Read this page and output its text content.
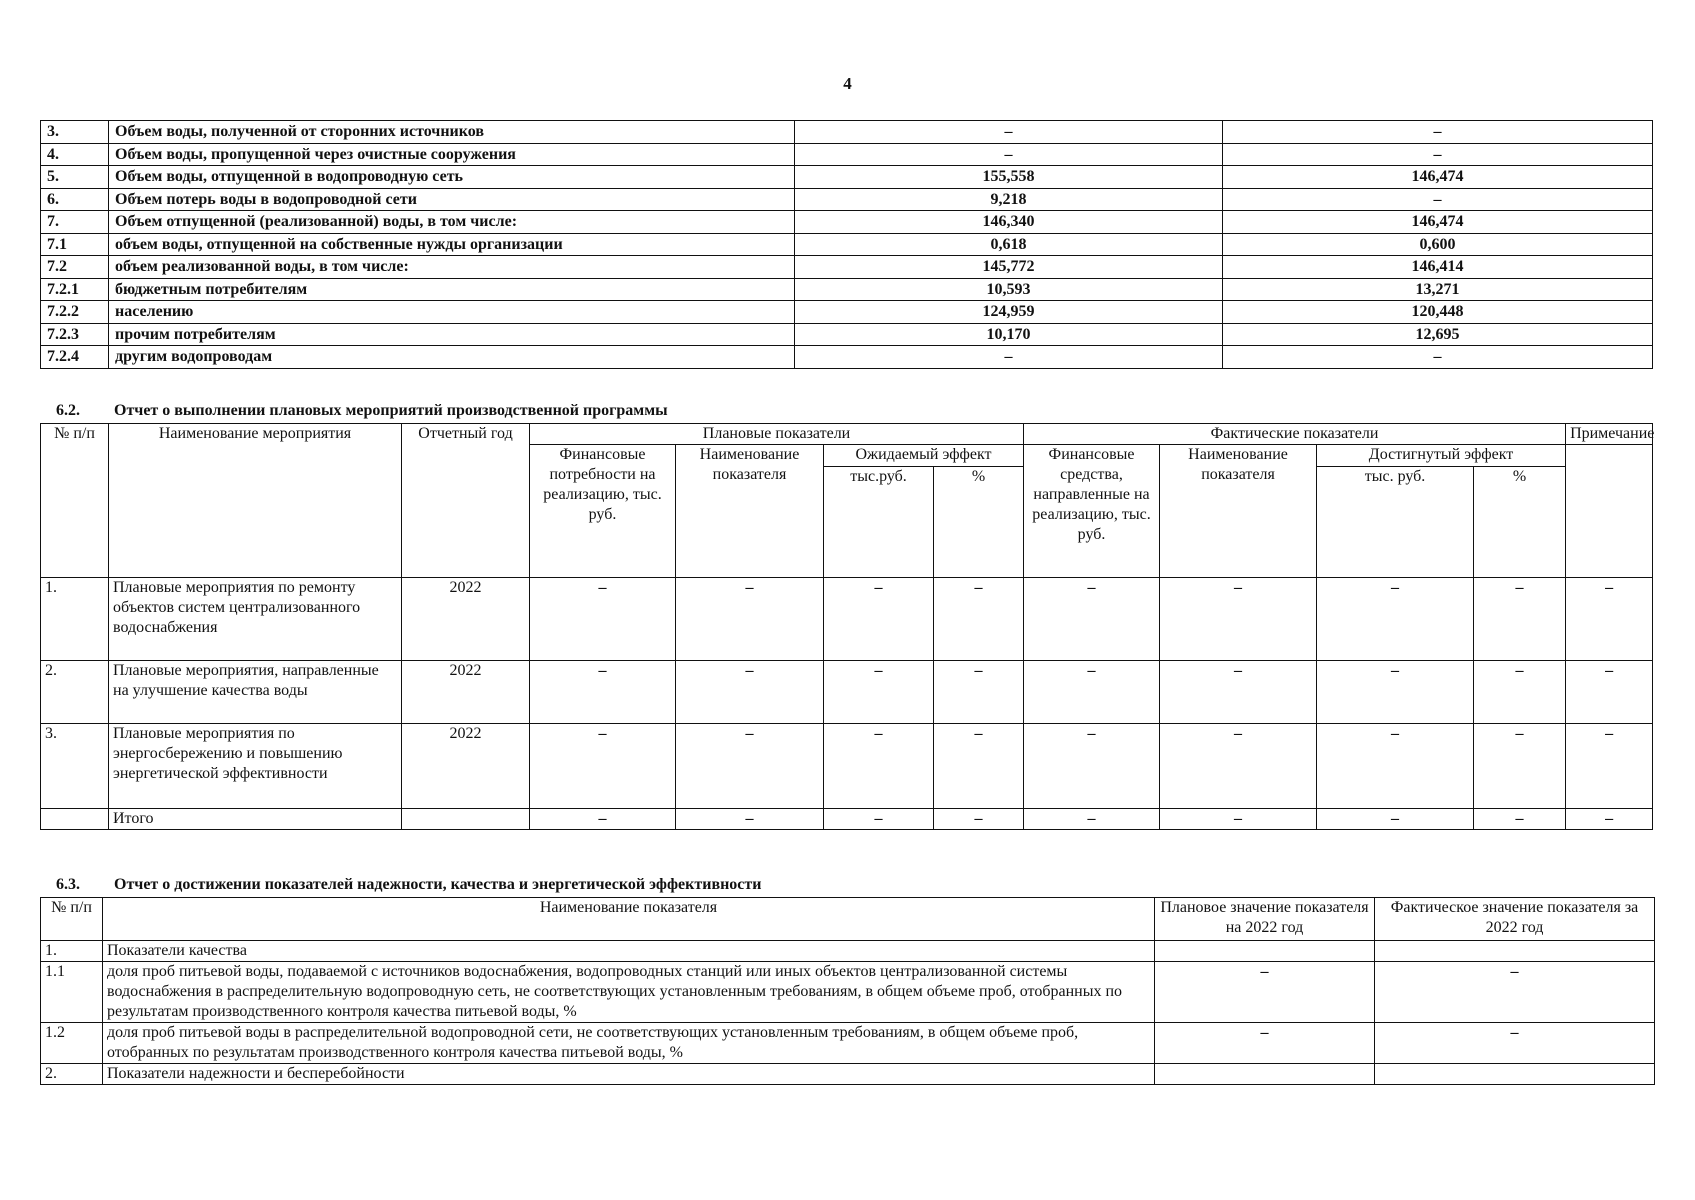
4
3.	Объем воды, полученной от сторонних источников	–	–
4.	Объем воды, пропущенной через очистные сооружения	–	–
5.	Объем воды, отпущенной в водопроводную сеть	155,558	146,474
6.	Объем потерь воды в водопроводной сети	9,218	–
7.	Объем отпущенной (реализованной) воды, в том числе:	146,340	146,474
7.1	объем воды, отпущенной на собственные нужды организации	0,618	0,600
7.2	объем реализованной воды, в том числе:	145,772	146,414
7.2.1	бюджетным потребителям	10,593	13,271
7.2.2	населению	124,959	120,448
7.2.3	прочим потребителям	10,170	12,695
7.2.4	другим водопроводам	–	–
6.2. Отчет о выполнении плановых мероприятий производственной программы
№ п/п	Наименование мероприятия	Отчетный год	Плановые показатели				Фактические показатели				Примечание
			Финансовые потребности на реализацию, тыс. руб.	Наименование показателя	Ожидаемый эффект		Финансовые средства, направленные на реализацию, тыс. руб.	Наименование показателя	Достигнутый эффект		
					тыс.руб.	%			тыс. руб.	%	
1.	Плановые мероприятия по ремонту объектов систем централизованного водоснабжения	2022	–	–	–	–	–	–	–	–	–
2.	Плановые мероприятия, направленные на улучшение качества воды	2022	–	–	–	–	–	–	–	–	–
3.	Плановые мероприятия по энергосбережению и повышению энергетической эффективности	2022	–	–	–	–	–	–	–	–	–
	Итого		–	–	–	–	–	–	–	–	–
6.3. Отчет о достижении показателей надежности, качества и энергетической эффективности
№ п/п	Наименование показателя	Плановое значение показателя на 2022 год	Фактическое значение показателя за 2022 год
1.	Показатели качества		
1.1	доля проб питьевой воды, подаваемой с источников водоснабжения, водопроводных станций или иных объектов централизованной системы водоснабжения в распределительную водопроводную сеть, не соответствующих установленным требованиям, в общем объеме проб, отобранных по результатам производственного контроля качества питьевой воды, %	–	–
1.2	доля проб питьевой воды в распределительной водопроводной сети, не соответствующих установленным требованиям, в общем объеме проб, отобранных по результатам производственного контроля качества питьевой воды, %	–	–
2.	Показатели надежности и бесперебойности		
